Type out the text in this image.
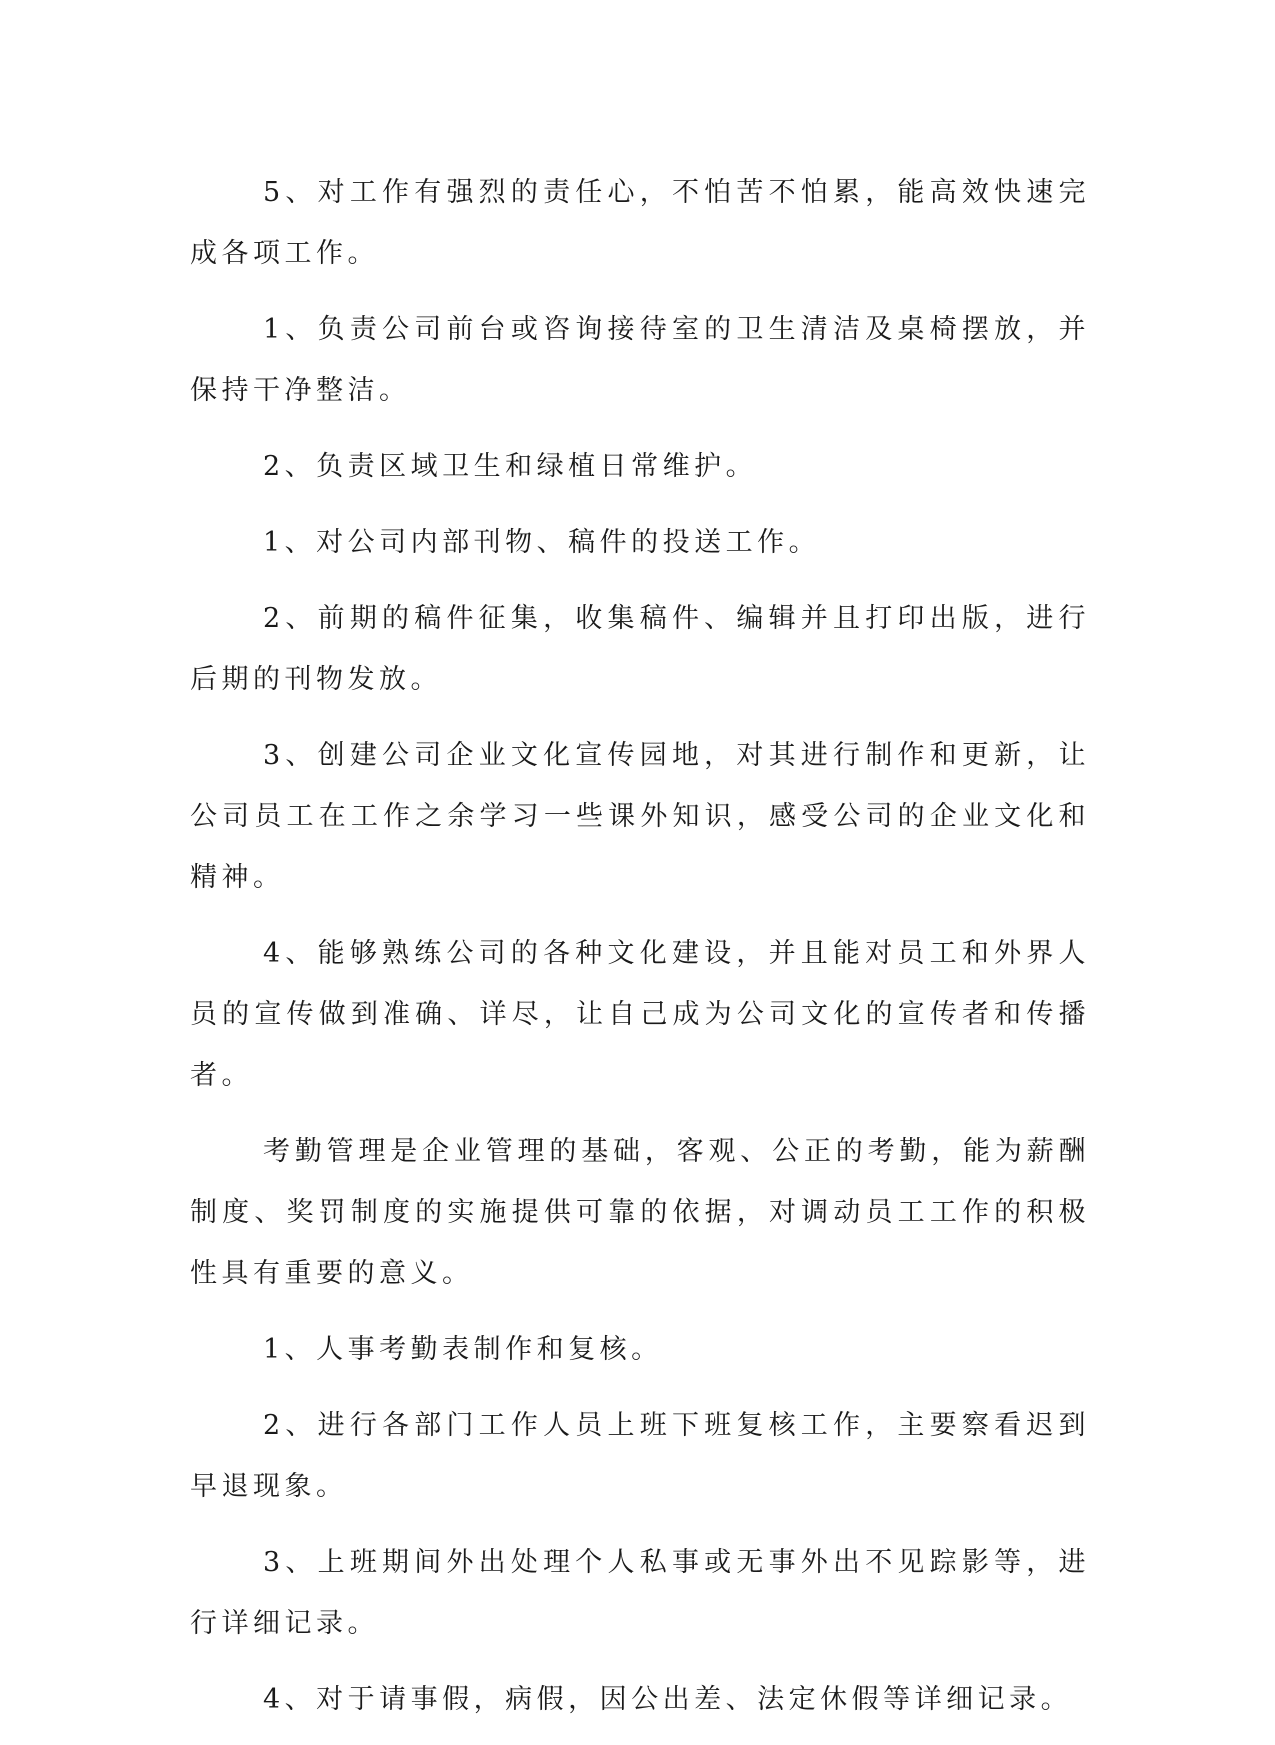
5、对工作有强烈的责任心，不怕苦不怕累，能高效快速完成各项工作。

1、负责公司前台或咨询接待室的卫生清洁及桌椅摆放，并保持干净整洁。

2、负责区域卫生和绿植日常维护。

1、对公司内部刊物、稿件的投送工作。

2、前期的稿件征集，收集稿件、编辑并且打印出版，进行后期的刊物发放。

3、创建公司企业文化宣传园地，对其进行制作和更新，让公司员工在工作之余学习一些课外知识，感受公司的企业文化和精神。

4、能够熟练公司的各种文化建设，并且能对员工和外界人员的宣传做到准确、详尽，让自己成为公司文化的宣传者和传播者。

考勤管理是企业管理的基础，客观、公正的考勤，能为薪酬制度、奖罚制度的实施提供可靠的依据，对调动员工工作的积极性具有重要的意义。

1、人事考勤表制作和复核。

2、进行各部门工作人员上班下班复核工作，主要察看迟到早退现象。

3、上班期间外出处理个人私事或无事外出不见踪影等，进行详细记录。

4、对于请事假，病假，因公出差、法定休假等详细记录。
